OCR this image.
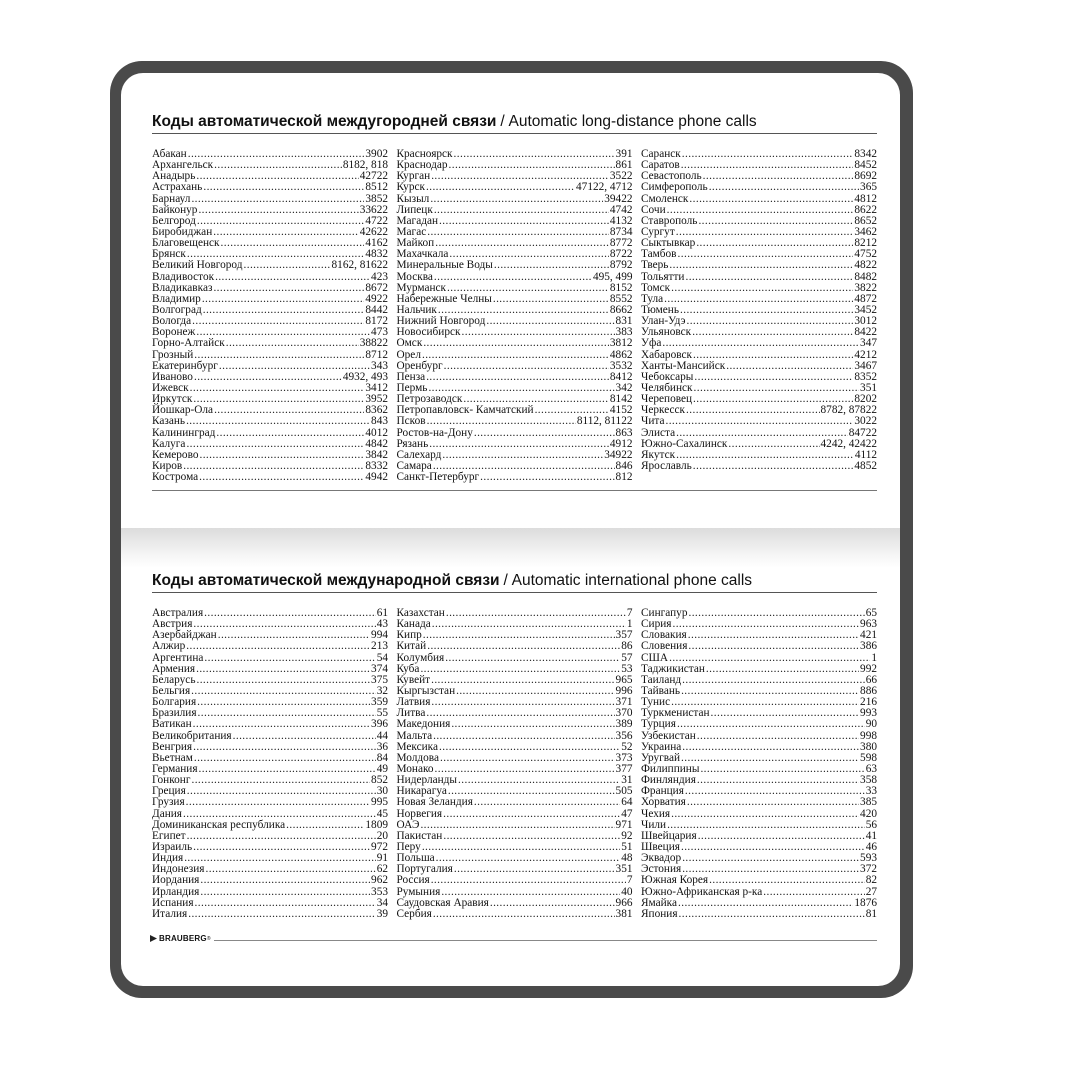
Коды автоматической междугородней связи / Automatic long-distance phone calls
Абакан .....	3902
Архангельск .....	8182, 818
Анадырь .....	42722
Астрахань .....	8512
Барнаул .....	3852
Байконур .....	33622
Белгород .....	4722
Биробиджан .....	42622
Благовещенск .....	4162
Брянск .....	4832
Великий Новгород .....	8162, 81622
Владивосток .....	423
Владикавказ .....	8672
Владимир .....	4922
Волгоград .....	8442
Вологда .....	8172
Воронеж .....	473
Горно-Алтайск .....	38822
Грозный .....	8712
Екатеринбург .....	343
Иваново .....	4932, 493
Ижевск .....	3412
Иркутск .....	3952
Йошкар-Ола .....	8362
Казань .....	843
Калининград .....	4012
Калуга .....	4842
Кемерово .....	3842
Киров .....	8332
Кострома .....	4942
Красноярск .....	391
Краснодар .....	861
Курган .....	3522
Курск .....	47122, 4712
Кызыл .....	39422
Липецк .....	4742
Магадан .....	4132
Магас .....	8734
Майкоп .....	8772
Махачкала .....	8722
Минеральные Воды .....	8792
Москва .....	495, 499
Мурманск .....	8152
Набережные Челны .....	8552
Нальчик .....	8662
Нижний Новгород .....	831
Новосибирск .....	383
Омск .....	3812
Орел .....	4862
Оренбург .....	3532
Пенза .....	8412
Пермь .....	342
Петрозаводск .....	8142
Петропавловск- Камчатский .....	4152
Псков .....	8112, 81122
Ростов-на-Дону .....	863
Рязань .....	4912
Салехард .....	34922
Самара .....	846
Санкт-Петербург .....	812
Саранск .....	8342
Саратов .....	8452
Севастополь .....	8692
Симферополь .....	365
Смоленск .....	4812
Сочи .....	8622
Ставрополь .....	8652
Сургут .....	3462
Сыктывкар .....	8212
Тамбов .....	4752
Тверь .....	4822
Тольятти .....	8482
Томск .....	3822
Тула .....	4872
Тюмень .....	3452
Улан-Удэ .....	3012
Ульяновск .....	8422
Уфа .....	347
Хабаровск .....	4212
Ханты-Мансийск .....	3467
Чебоксары .....	8352
Челябинск .....	351
Череповец .....	8202
Черкесск .....	8782, 87822
Чита .....	3022
Элиста .....	84722
Южно-Сахалинск .....	4242, 42422
Якутск .....	4112
Ярославль .....	4852
Коды автоматической международной связи / Automatic international phone calls
Австралия .....	61
Австрия .....	43
Азербайджан .....	994
Алжир .....	213
Аргентина .....	54
Армения .....	374
Беларусь .....	375
Бельгия .....	32
Болгария .....	359
Бразилия .....	55
Ватикан .....	396
Великобритания .....	44
Венгрия .....	36
Вьетнам .....	84
Германия .....	49
Гонконг .....	852
Греция .....	30
Грузия .....	995
Дания .....	45
Доминиканская республика .....	1809
Египет .....	20
Израиль .....	972
Индия .....	91
Индонезия .....	62
Иордания .....	962
Ирландия .....	353
Испания .....	34
Италия .....	39
Казахстан .....	7
Канада .....	1
Кипр .....	357
Китай .....	86
Колумбия .....	57
Куба .....	53
Кувейт .....	965
Кыргызстан .....	996
Латвия .....	371
Литва .....	370
Македония .....	389
Мальта .....	356
Мексика .....	52
Молдова .....	373
Монако .....	377
Нидерланды .....	31
Никарагуа .....	505
Новая Зеландия .....	64
Норвегия .....	47
ОАЭ .....	971
Пакистан .....	92
Перу .....	51
Польша .....	48
Португалия .....	351
Россия .....	7
Румыния .....	40
Саудовская Аравия .....	966
Сербия .....	381
Сингапур .....	65
Сирия .....	963
Словакия .....	421
Словения .....	386
США .....	1
Таджикистан .....	992
Таиланд .....	66
Тайвань .....	886
Тунис .....	216
Туркменистан .....	993
Турция .....	90
Узбекистан .....	998
Украина .....	380
Уругвай .....	598
Филиппины .....	63
Финляндия .....	358
Франция .....	33
Хорватия .....	385
Чехия .....	420
Чили .....	56
Швейцария .....	41
Швеция .....	46
Эквадор .....	593
Эстония .....	372
Южная Корея .....	82
Южно-Африканская р-ка .....	27
Ямайка .....	1876
Япония .....	81
BRAUBERG ®
